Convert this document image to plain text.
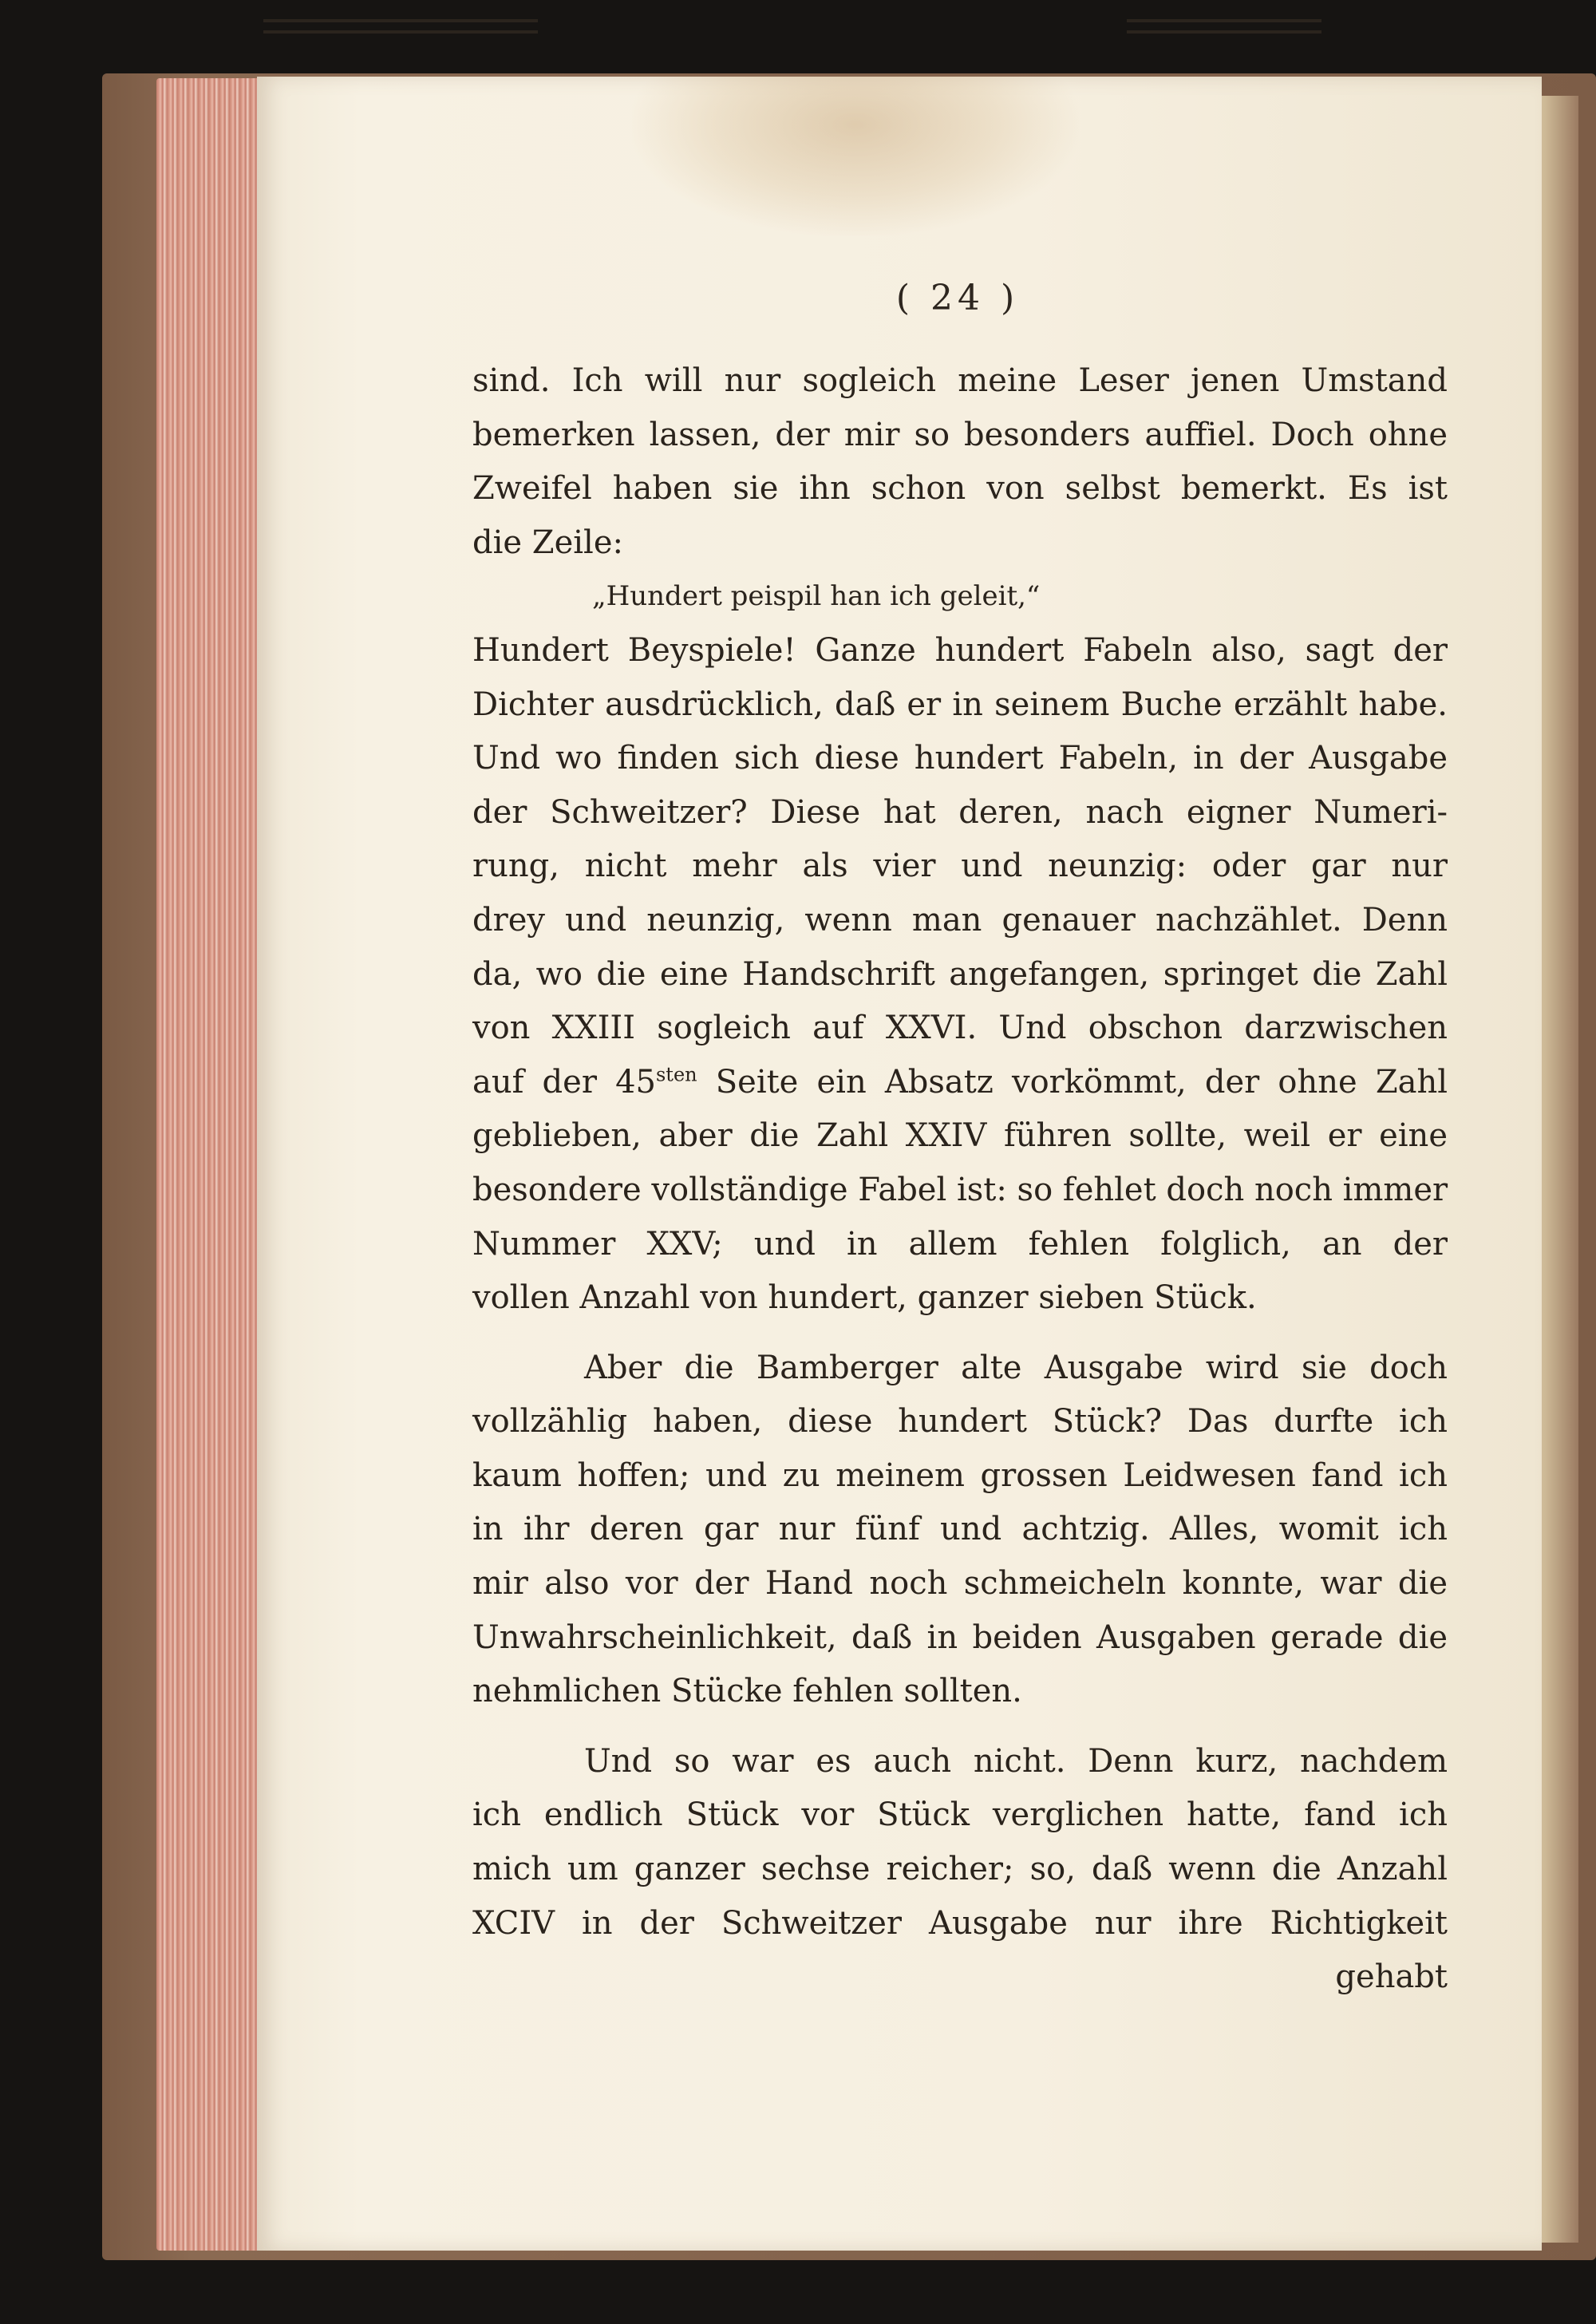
( 24 )
sind. Ich will nur sogleich meine Leser jenen Umstand
bemerken lassen, der mir so besonders auffiel. Doch ohne
Zweifel haben sie ihn schon von selbst bemerkt. Es ist
die Zeile:
„Hundert peispil han ich geleit,“
Hundert Beyspiele! Ganze hundert Fabeln also, sagt der
Dichter ausdrücklich, daß er in seinem Buche erzählt habe.
Und wo finden sich diese hundert Fabeln, in der Ausgabe
der Schweitzer? Diese hat deren, nach eigner Numeri-
rung, nicht mehr als vier und neunzig: oder gar nur
drey und neunzig, wenn man genauer nachzählet. Denn
da, wo die eine Handschrift angefangen, springet die Zahl
von XXIII sogleich auf XXVI. Und obschon darzwischen
auf der $45^{sten}$ Seite ein Absatz vorkömmt, der ohne Zahl
geblieben, aber die Zahl XXIV führen sollte, weil er eine
besondere vollständige Fabel ist: so fehlet doch noch immer
Nummer XXV; und in allem fehlen folglich, an der
vollen Anzahl von hundert, ganzer sieben Stück.
Aber die Bamberger alte Ausgabe wird sie doch
vollzählig haben, diese hundert Stück? Das durfte ich
kaum hoffen; und zu meinem grossen Leidwesen fand ich
in ihr deren gar nur fünf und achtzig. Alles, womit ich
mir also vor der Hand noch schmeicheln konnte, war die
Unwahrscheinlichkeit, daß in beiden Ausgaben gerade die
nehmlichen Stücke fehlen sollten.
Und so war es auch nicht. Denn kurz, nachdem
ich endlich Stück vor Stück verglichen hatte, fand ich
mich um ganzer sechse reicher; so, daß wenn die Anzahl
XCIV in der Schweitzer Ausgabe nur ihre Richtigkeit
gehabt
